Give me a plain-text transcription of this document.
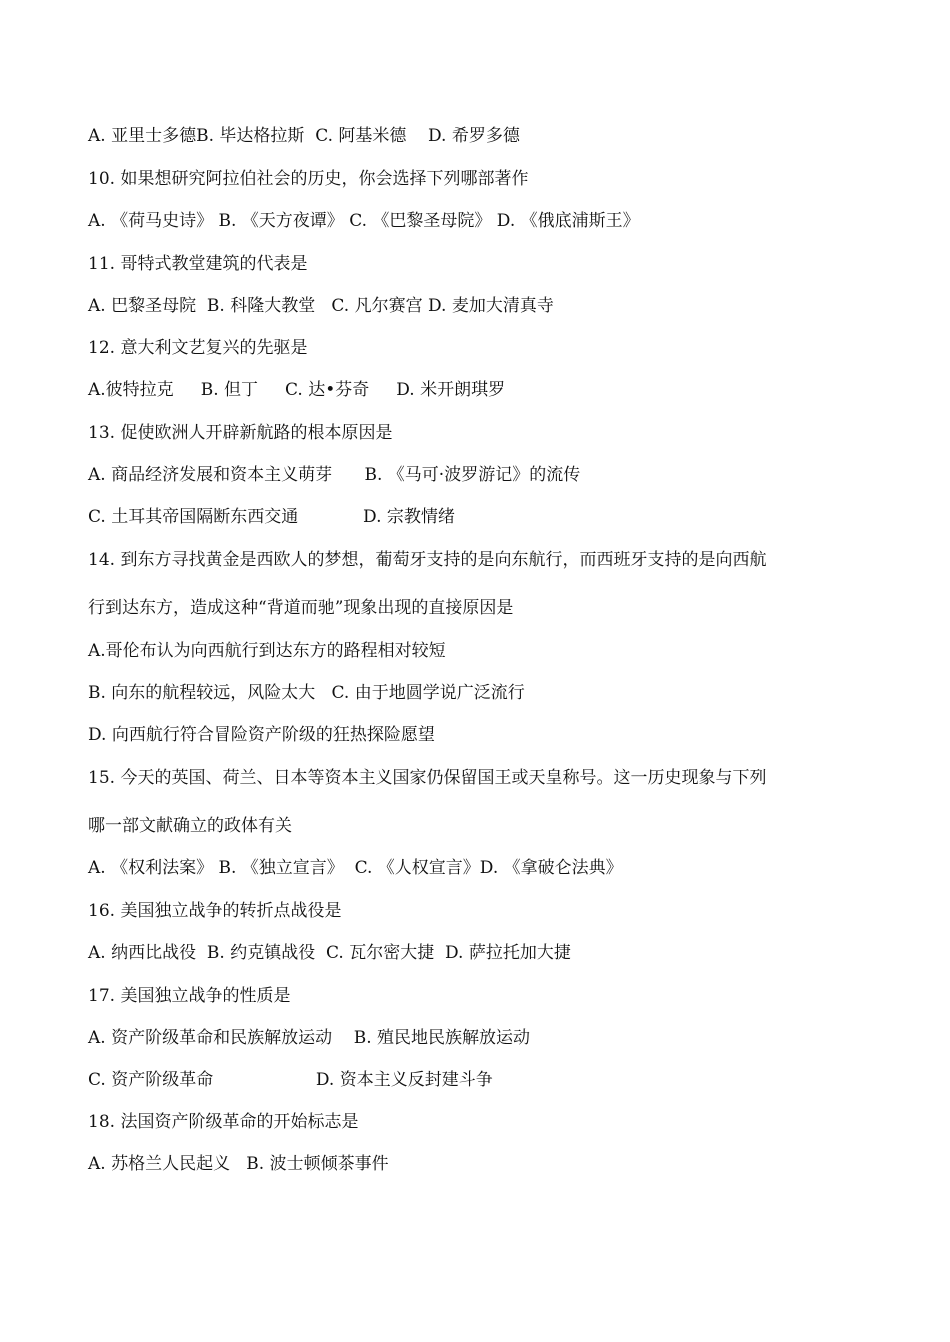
A. 亚里士多德B. 毕达格拉斯  C. 阿基米德    D. 希罗多德
10. 如果想研究阿拉伯社会的历史，你会选择下列哪部著作
A. 《荷马史诗》 B. 《天方夜谭》 C. 《巴黎圣母院》 D. 《俄底浦斯王》
11. 哥特式教堂建筑的代表是
A. 巴黎圣母院  B. 科隆大教堂   C. 凡尔赛宫 D. 麦加大清真寺
12. 意大利文艺复兴的先驱是
A.彼特拉克     B. 但丁     C. 达•芬奇     D. 米开朗琪罗
13. 促使欧洲人开辟新航路的根本原因是
A. 商品经济发展和资本主义萌芽      B. 《马可·波罗游记》的流传
C. 土耳其帝国隔断东西交通            D. 宗教情绪
14. 到东方寻找黄金是西欧人的梦想，葡萄牙支持的是向东航行，而西班牙支持的是向西航
行到达东方，造成这种“背道而驰”现象出现的直接原因是
A.哥伦布认为向西航行到达东方的路程相对较短
B. 向东的航程较远，风险太大   C. 由于地圆学说广泛流行
D. 向西航行符合冒险资产阶级的狂热探险愿望
15. 今天的英国、荷兰、日本等资本主义国家仍保留国王或天皇称号。这一历史现象与下列
哪一部文献确立的政体有关
A. 《权利法案》 B. 《独立宣言》  C. 《人权宣言》D. 《拿破仑法典》
16. 美国独立战争的转折点战役是
A. 纳西比战役  B. 约克镇战役  C. 瓦尔密大捷  D. 萨拉托加大捷
17. 美国独立战争的性质是
A. 资产阶级革命和民族解放运动    B. 殖民地民族解放运动
C. 资产阶级革命                   D. 资本主义反封建斗争
18. 法国资产阶级革命的开始标志是
A. 苏格兰人民起义   B. 波士顿倾茶事件
